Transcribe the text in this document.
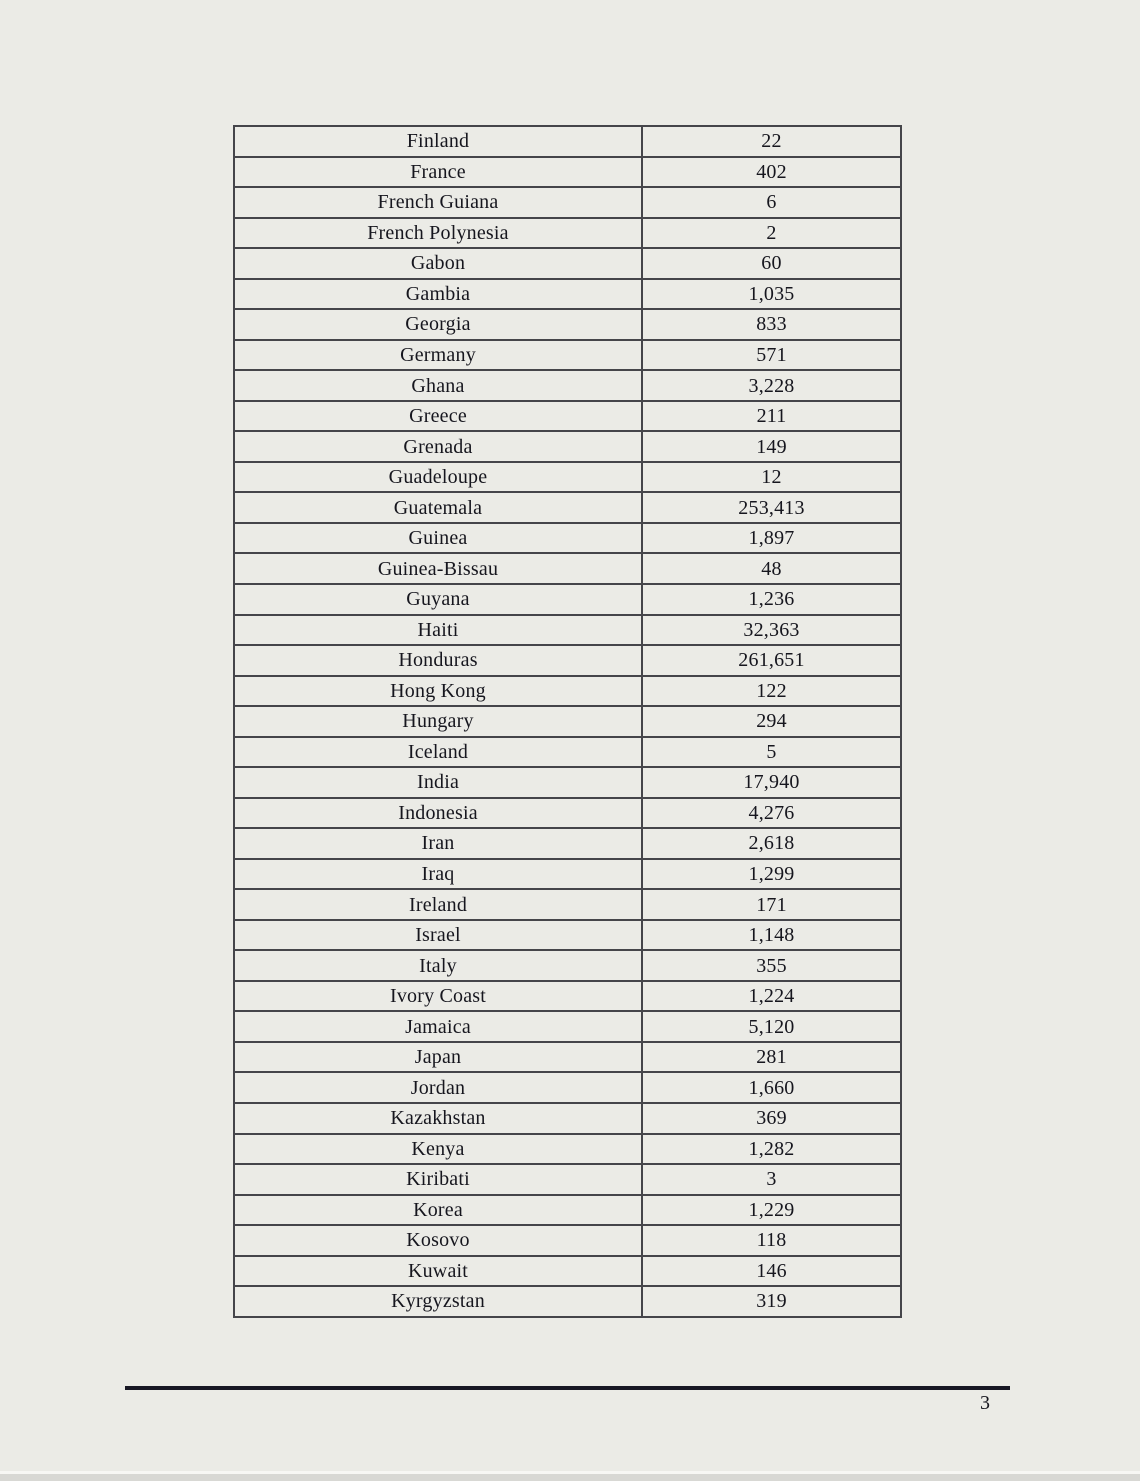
Finland	22
France	402
French Guiana	6
French Polynesia	2
Gabon	60
Gambia	1,035
Georgia	833
Germany	571
Ghana	3,228
Greece	211
Grenada	149
Guadeloupe	12
Guatemala	253,413
Guinea	1,897
Guinea-Bissau	48
Guyana	1,236
Haiti	32,363
Honduras	261,651
Hong Kong	122
Hungary	294
Iceland	5
India	17,940
Indonesia	4,276
Iran	2,618
Iraq	1,299
Ireland	171
Israel	1,148
Italy	355
Ivory Coast	1,224
Jamaica	5,120
Japan	281
Jordan	1,660
Kazakhstan	369
Kenya	1,282
Kiribati	3
Korea	1,229
Kosovo	118
Kuwait	146
Kyrgyzstan	319
3
